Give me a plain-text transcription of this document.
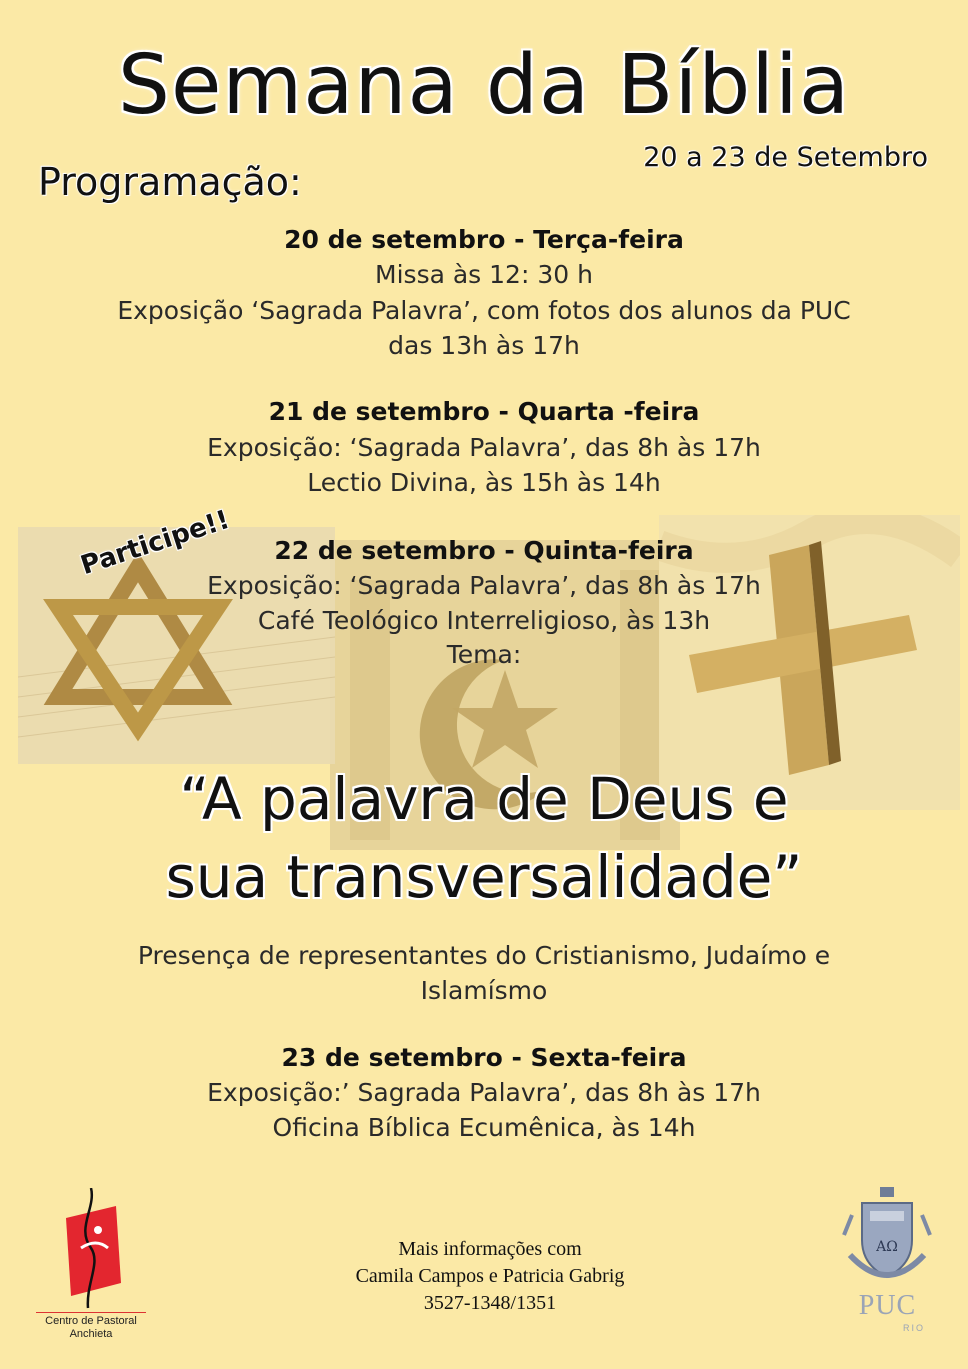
Semana da Bíblia
20 a 23 de Setembro
Programação:
20 de setembro - Terça-feira
Missa às 12: 30 h
Exposição ‘Sagrada Palavra’, com fotos dos alunos da PUC
das 13h às 17h
21 de setembro - Quarta -feira
Exposição: ‘Sagrada Palavra’, das 8h às 17h
Lectio Divina, às 15h às 14h
Participe!!	22 de setembro - Quinta-feira
Exposição: ‘Sagrada Palavra’, das 8h às 17h
Café Teológico Interreligioso, às 13h
Tema:
“A palavra de Deus e
sua transversalidade”
Presença de representantes do Cristianismo, Judaímo e
Islamísmo
23 de setembro - Sexta-feira
Exposição:’ Sagrada Palavra’, das 8h às 17h
Oficina Bíblica Ecumênica, às 14h
Mais informações com
Camila Campos e Patricia Gabrig
3527-1348/1351
Centro de Pastoral
Anchieta
AΩ
PUC
RIO
